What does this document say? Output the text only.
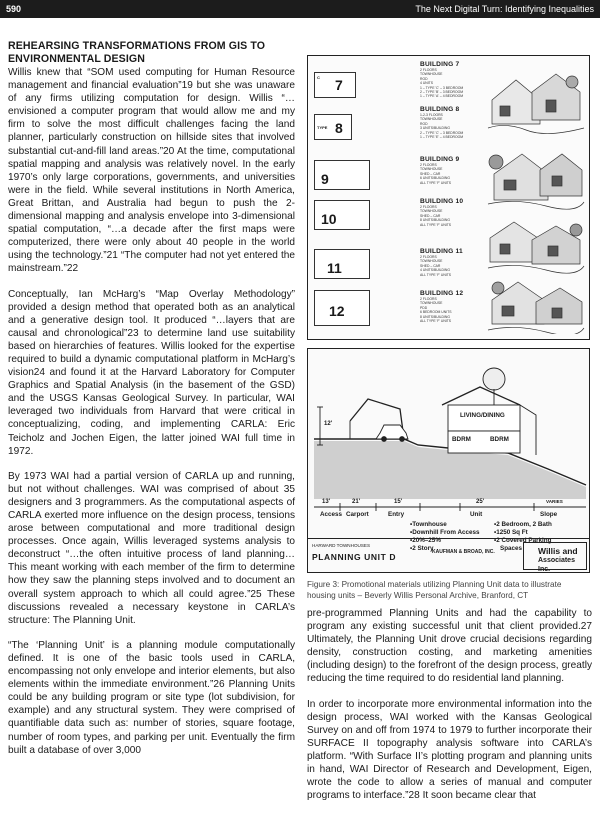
590	The Next Digital Turn: Identifying Inequalities
REHEARSING TRANSFORMATIONS FROM GIS TO ENVIRONMENTAL DESIGN

Willis knew that “SOM used computing for Human Resource management and financial evaluation”19 but she was unaware of any firms utilizing computation for design. Willis “…envisioned a computer program that would allow me and my firm to solve the most difficult challenges facing the land planner, particularly construction on hillside sites that involved substantial cut-and-fill land areas.”20 At the time, computational spatial mapping and analysis was relatively novel. In the early 1970’s only large corporations, governments, and universities were in the field. While several institutions in North America, Great Brittan, and Australia had begun to push the 2-dimensional mapping and analysis envelope into 3-dimensional spatial computation, “…a decade after the first maps were computerized, there were only about 40 people in the world using the technology.”21 “The computer had not yet entered the mainstream.”22

Conceptually, Ian McHarg’s “Map Overlay Methodology” provided a design method that operated both as an analytical and a generative design tool. It produced “…layers that are causal and chronological”23 to determine land use suitability based on hierarchies of features. Willis looked for the expertise required to build a dynamic computational platform in McHarg’s vision24 and found it at the Harvard Laboratory for Computer Graphics and Spatial Analysis (in the basement of the GSD) and the USGS Kansas Geological Survey. In particular, WAI leveraged two individuals from Harvard that were critical in conceptualizing, coding, and implementing CARLA: Eric Teicholz and Jochen Eigen, the latter joined WAI full time in 1972.

By 1973 WAI had a partial version of CARLA up and running, but not without challenges. WAI was comprised of about 35 designers and 3 programmers. As the computational aspects of CARLA exerted more influence on the design process, tensions arose between computational and more traditional design processes. Once again, Willis leveraged systems analysis to deconstruct “…the often intuitive process of land planning… This meant working with each member of the firm to determine how they saw the planning steps involved and to document an overall system approach to which all could agree.”25 These discussions revealed a necessary keystone in CARLA’s structure: The Planning Unit.

“The ‘Planning Unit’ is a planning module computationally defined. It is one of the basic tools used in CARLA, encompassing not only envelope and interior elements, but also elements within the immediate environment.”26 Planning Units could be any building program or site type (lot subdivision, for example) and any structural system. They were comprised of quantifiable data such as: number of stories, square footage, number of room types, and parking per unit. Eventually the firm built a database of over 3,000

C 7
TYPE 8
9
10
11
12
BUILDING 7
2 FLOORS
TOWNHOUSE
ROD
4 UNITS
1 – TYPE 'C' – 3 BEDROOM
2 – TYPE 'B' – 3 BEDROOM
1 – TYPE 'A' – 4 BEDROOM
BUILDING 8
1-2-3 FLOORS
TOWNHOUSE
ROD
3 UNITS/BUILDING
2 – TYPE 'C' – 3 BEDROOM
1 – TYPE 'E' – 4 BEDROOM
BUILDING 9
2 FLOORS
TOWNHOUSE
SHED – CAR
6 UNITS/BUILDING
ALL TYPE 'F' UNITS
BUILDING 10
2 FLOORS
TOWNHOUSE
SHED – CAR
8 UNITS/BUILDING
ALL TYPE 'F' UNITS
BUILDING 11
2 FLOORS
TOWNHOUSE
SHED – CAR
4 UNITS/BUILDING
ALL TYPE 'F' UNITS
BUILDING 12
2 FLOORS
TOWNHOUSE
PDD
6 BEDROOM UNITS
8 UNITS/BUILDING
ALL TYPE 'F' UNITS
LIVING/DINING
BDRM	BDRM
12'
13'	21'	15'	25'	VARIES
Access Carport	Entry	Unit	Slope
•Townhouse
•Downhill From Access
•20%–25%
•2 Story
•2 Bedroom, 2 Bath
•1250 Sq Ft
•2 Covered Parking
Spaces
HARWARD TOWNHOUSES
PLANNING UNIT D	KAUFMAN & BROAD, INC.	Willis and
Associates Inc.
Figure 3: Promotional materials utilizing Planning Unit data to illustrate housing units – Beverly Willis Personal Archive, Branford, CT

pre-programmed Planning Units and had the capability to program any existing successful unit that client provided.27 Ultimately, the Planning Unit drove crucial decisions regarding density, construction costing, and marketing amenities (including design) to the forefront of the design process, greatly reducing the time required to do residential land planning.

In order to incorporate more environmental information into the design process, WAI worked with the Kansas Geological Survey on and off from 1974 to 1979 to further incorporate their SURFACE II topography analysis software into CARLA’s platform. “With Surface II’s plotting program and planning units in hand, WAI Director of Research and Development, Eigen, wrote the code to allow a series of manual and computer programs to interface.”28 It soon became clear that
